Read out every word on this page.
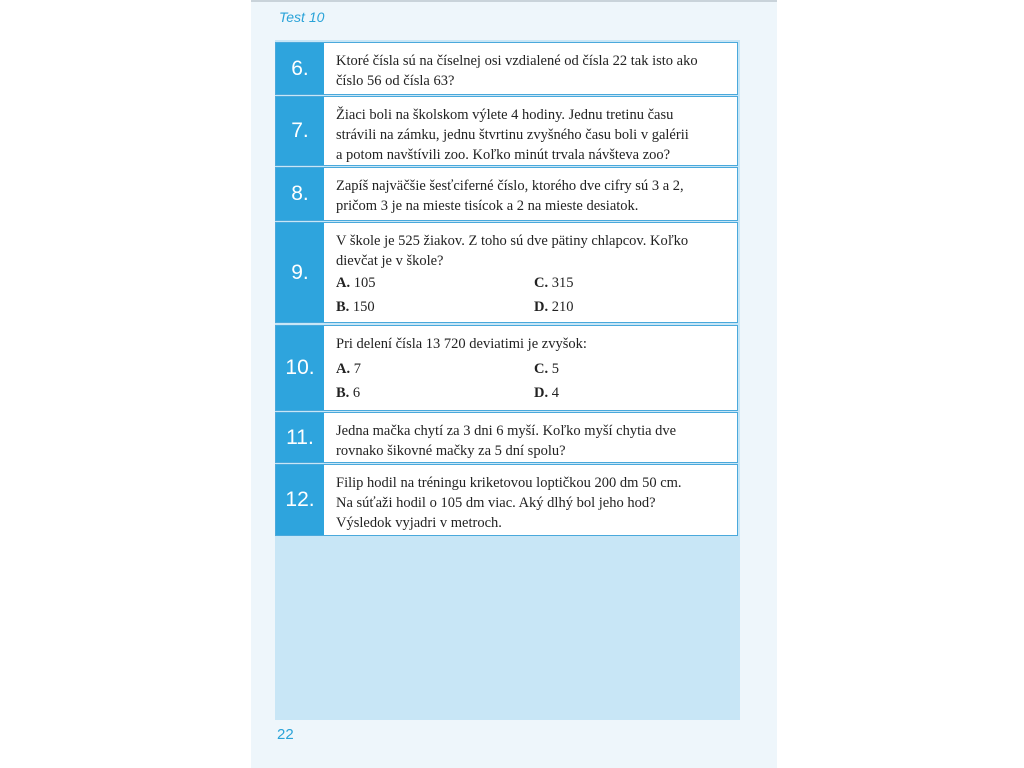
Test 10
6.	Ktoré čísla sú na číselnej osi vzdialené od čísla 22 tak isto ako
číslo 56 od čísla 63?
7.
Žiaci boli na školskom výlete 4 hodiny. Jednu tretinu času
strávili na zámku, jednu štvrtinu zvyšného času boli v galérii
a potom navštívili zoo. Koľko minút trvala návšteva zoo?
8.	Zapíš najväčšie šesťciferné číslo, ktorého dve cifry sú 3 a 2,
pričom 3 je na mieste tisícok a 2 na mieste desiatok.
9.
V škole je 525 žiakov. Z toho sú dve pätiny chlapcov. Koľko
dievčat je v škole?
A. 105	C. 315
B. 150	D. 210
10.
Pri delení čísla 13 720 deviatimi je zvyšok:
A. 7	C. 5
B. 6	D. 4
11.	Jedna mačka chytí za 3 dni 6 myší. Koľko myší chytia dve
rovnako šikovné mačky za 5 dní spolu?
12.
Filip hodil na tréningu kriketovou loptičkou 200 dm 50 cm.
Na súťaži hodil o 105 dm viac. Aký dlhý bol jeho hod?
Výsledok vyjadri v metroch.
22
